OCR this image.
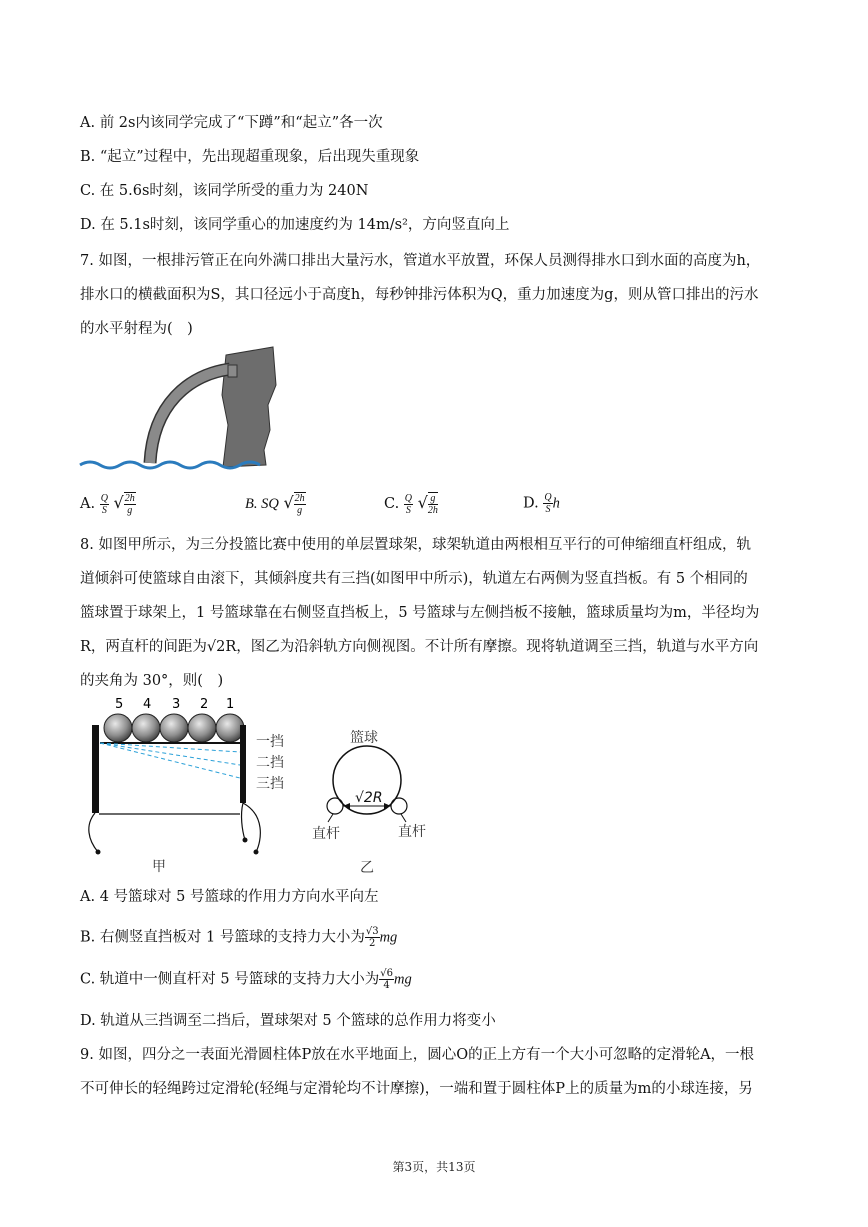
A. 前 2s内该同学完成了“下蹲”和“起立”各一次
B. “起立”过程中，先出现超重现象，后出现失重现象
C. 在 5.6s时刻，该同学所受的重力为 240N
D. 在 5.1s时刻，该同学重心的加速度约为 14m/s²，方向竖直向上
7. 如图，一根排污管正在向外满口排出大量污水，管道水平放置，环保人员测得排水口到水面的高度为h，
排水口的横截面积为S，其口径远小于高度h，每秒钟排污体积为Q，重力加速度为g，则从管口排出的污水
的水平射程为(　)
A. $\frac{Q}{S}$ √ $\frac{2h}{g}$	B. SQ √ $\frac{2h}{g}$	C. $\frac{Q}{S}$ √ $\frac{g}{2h}$	D. $\frac{Q}{S}$ h
8. 如图甲所示，为三分投篮比赛中使用的单层置球架，球架轨道由两根相互平行的可伸缩细直杆组成，轨
道倾斜可使篮球自由滚下，其倾斜度共有三挡(如图甲中所示)，轨道左右两侧为竖直挡板。有 5 个相同的
篮球置于球架上，1 号篮球靠在右侧竖直挡板上，5 号篮球与左侧挡板不接触，篮球质量均为m，半径均为
R，两直杆的间距为√2R，图乙为沿斜轨方向侧视图。不计所有摩擦。现将轨道调至三挡，轨道与水平方向
的夹角为 30°，则(　)
5 4 3 2 1
一挡
二挡
三挡
甲
篮球
√2R
直杆	直杆
乙
A. 4 号篮球对 5 号篮球的作用力方向水平向左
B. 右侧竖直挡板对 1 号篮球的支持力大小为 $\frac{√3}{2}$ mg
C. 轨道中一侧直杆对 5 号篮球的支持力大小为 $\frac{√6}{4}$ mg
D. 轨道从三挡调至二挡后，置球架对 5 个篮球的总作用力将变小
9. 如图，四分之一表面光滑圆柱体P放在水平地面上，圆心O的正上方有一个大小可忽略的定滑轮A，一根
不可伸长的轻绳跨过定滑轮(轻绳与定滑轮均不计摩擦)，一端和置于圆柱体P上的质量为m的小球连接，另
第3页，共13页
